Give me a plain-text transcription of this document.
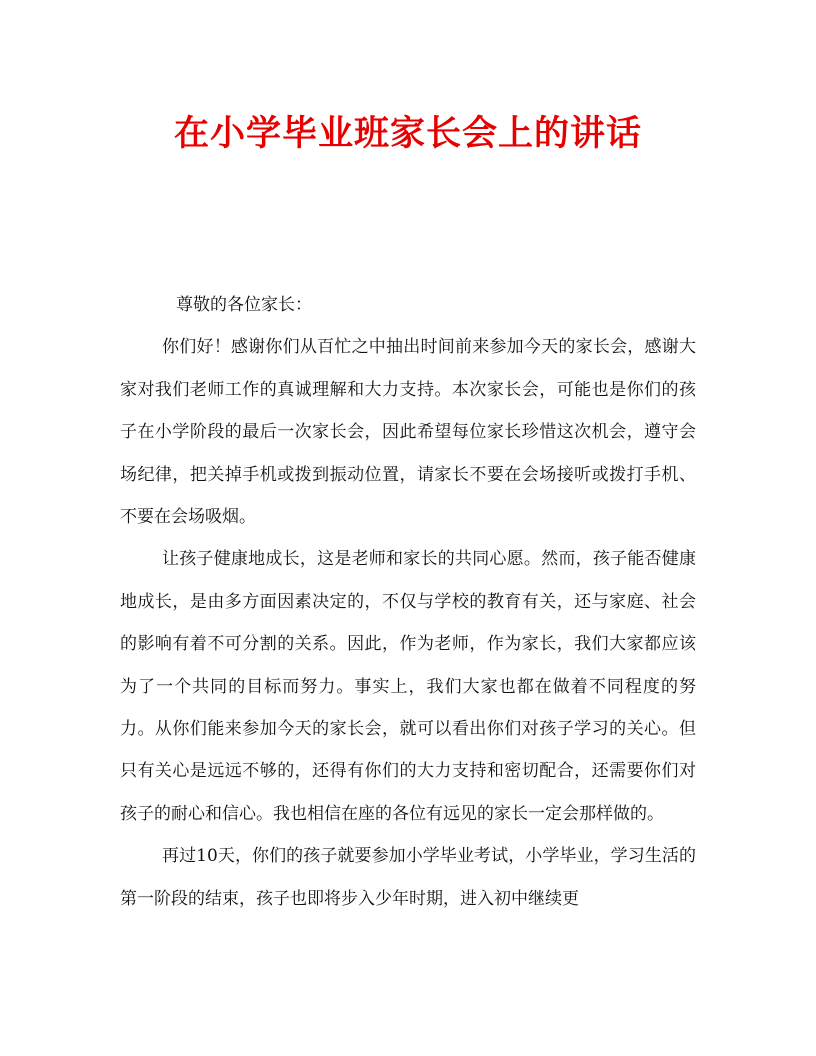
在小学毕业班家长会上的讲话

尊敬的各位家长：

你们好！感谢你们从百忙之中抽出时间前来参加今天的家长会，感谢大家对我们老师工作的真诚理解和大力支持。本次家长会，可能也是你们的孩子在小学阶段的最后一次家长会，因此希望每位家长珍惜这次机会，遵守会场纪律，把关掉手机或拨到振动位置，请家长不要在会场接听或拨打手机、不要在会场吸烟。

让孩子健康地成长，这是老师和家长的共同心愿。然而，孩子能否健康地成长，是由多方面因素决定的，不仅与学校的教育有关，还与家庭、社会的影响有着不可分割的关系。因此，作为老师，作为家长，我们大家都应该为了一个共同的目标而努力。事实上，我们大家也都在做着不同程度的努力。从你们能来参加今天的家长会，就可以看出你们对孩子学习的关心。但只有关心是远远不够的，还得有你们的大力支持和密切配合，还需要你们对孩子的耐心和信心。我也相信在座的各位有远见的家长一定会那样做的。

再过10天，你们的孩子就要参加小学毕业考试，小学毕业，学习生活的第一阶段的结束，孩子也即将步入少年时期，进入初中继续更
